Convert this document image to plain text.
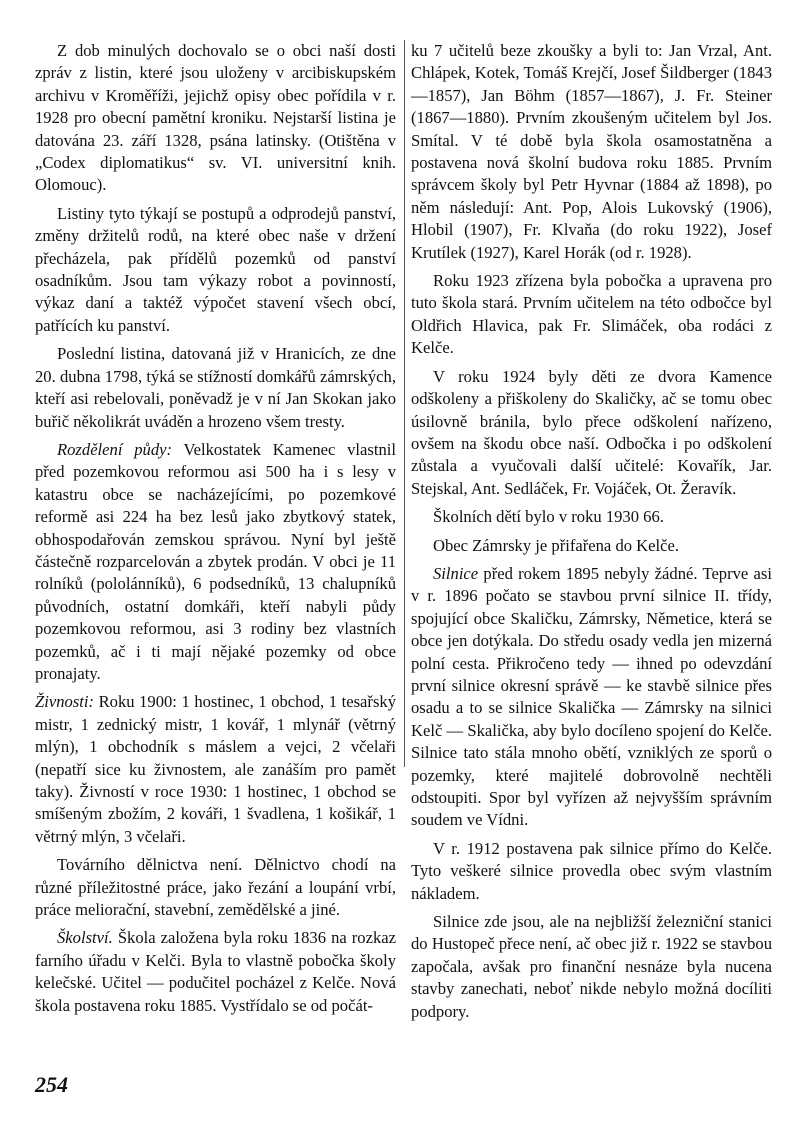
Z dob minulých dochovalo se o obci naší dosti zpráv z listin, které jsou uloženy v arcibiskupském archivu v Kroměříži, jejichž opisy obec pořídila v r. 1928 pro obecní pamětní kroniku. Nejstarší listina je datována 23. září 1328, psána latinsky. (Otištěna v „Codex diplomatikus“ sv. VI. universitní knih. Olomouc).

Listiny tyto týkají se postupů a odprodejů panství, změny držitelů rodů, na které obec naše v držení přecházela, pak přídělů pozemků od panství osadníkům. Jsou tam výkazy robot a povinností, výkaz daní a taktéž výpočet stavení všech obcí, patřících ku panství.

Poslední listina, datovaná již v Hranicích, ze dne 20. dubna 1798, týká se stížností domkářů zámrských, kteří asi rebelovali, poněvadž je v ní Jan Skokan jako buřič několikrát uváděn a hrozeno všem tresty.

Rozdělení půdy: Velkostatek Kamenec vlastnil před pozemkovou reformou asi 500 ha i s lesy v katastru obce se nacházejícími, po pozemkové reformě asi 224 ha bez lesů jako zbytkový statek, obhospodařován zemskou správou. Nyní byl ještě částečně rozparcelován a zbytek prodán. V obci je 11 rolníků (pololánníků), 6 podsedníků, 13 chalupníků původních, ostatní domkáři, kteří nabyli půdy pozemkovou reformou, asi 3 rodiny bez vlastních pozemků, ač i ti mají nějaké pozemky od obce pronajaty.

Živnosti: Roku 1900: 1 hostinec, 1 obchod, 1 tesařský mistr, 1 zednický mistr, 1 kovář, 1 mlynář (větrný mlýn), 1 obchodník s máslem a vejci, 2 včelaři (nepatří sice ku živnostem, ale zanáším pro pamět taky). Živností v roce 1930: 1 hostinec, 1 obchod se smíšeným zbožím, 2 kováři, 1 švadlena, 1 košikář, 1 větrný mlýn, 3 včelaři.

Továrního dělnictva není. Dělnictvo chodí na různé příležitostné práce, jako řezání a loupání vrbí, práce meliorační, stavební, zemědělské a jiné.

Školství. Škola založena byla roku 1836 na rozkaz farního úřadu v Kelči. Byla to vlastně pobočka školy kelečské. Učitel — podučitel pocházel z Kelče. Nová škola postavena roku 1885. Vystřídalo se od počát-

ku 7 učitelů beze zkoušky a byli to: Jan Vrzal, Ant. Chlápek, Kotek, Tomáš Krejčí, Josef Šildberger (1843—1857), Jan Böhm (1857—1867), J. Fr. Steiner (1867—1880). Prvním zkoušeným učitelem byl Jos. Smítal. V té době byla škola osamostatněna a postavena nová školní budova roku 1885. Prvním správcem školy byl Petr Hyvnar (1884 až 1898), po něm následují: Ant. Pop, Alois Lukovský (1906), Hlobil (1907), Fr. Klvaňa (do roku 1922), Josef Krutílek (1927), Karel Horák (od r. 1928).

Roku 1923 zřízena byla pobočka a upravena pro tuto škola stará. Prvním učitelem na této odbočce byl Oldřich Hlavica, pak Fr. Slimáček, oba rodáci z Kelče.

V roku 1924 byly děti ze dvora Kamence odškoleny a přiškoleny do Skaličky, ač se tomu obec úsilovně bránila, bylo přece odškolení nařízeno, ovšem na škodu obce naší. Odbočka i po odškolení zůstala a vyučovali další učitelé: Kovařík, Jar. Stejskal, Ant. Sedláček, Fr. Vojáček, Ot. Žeravík.

Školních dětí bylo v roku 1930 66.

Obec Zámrsky je přifařena do Kelče.

Silnice před rokem 1895 nebyly žádné. Teprve asi v r. 1896 počato se stavbou první silnice II. třídy, spojující obce Skaličku, Zámrsky, Němetice, která se obce jen dotýkala. Do středu osady vedla jen mizerná polní cesta. Přikročeno tedy — ihned po odevzdání první silnice okresní správě — ke stavbě silnice přes osadu a to se silnice Skalička — Zámrsky na silnici Kelč — Skalička, aby bylo docíleno spojení do Kelče. Silnice tato stála mnoho obětí, vzniklých ze sporů o pozemky, které majitelé dobrovolně nechtěli odstoupiti. Spor byl vyřízen až nejvyšším správním soudem ve Vídni.

V r. 1912 postavena pak silnice přímo do Kelče. Tyto veškeré silnice provedla obec svým vlastním nákladem.

Silnice zde jsou, ale na nejbližší železniční stanici do Hustopeč přece není, ač obec již r. 1922 se stavbou započala, avšak pro finanční nesnáze byla nucena stavby zanechati, neboť nikde nebylo možná docíliti podpory.

254
